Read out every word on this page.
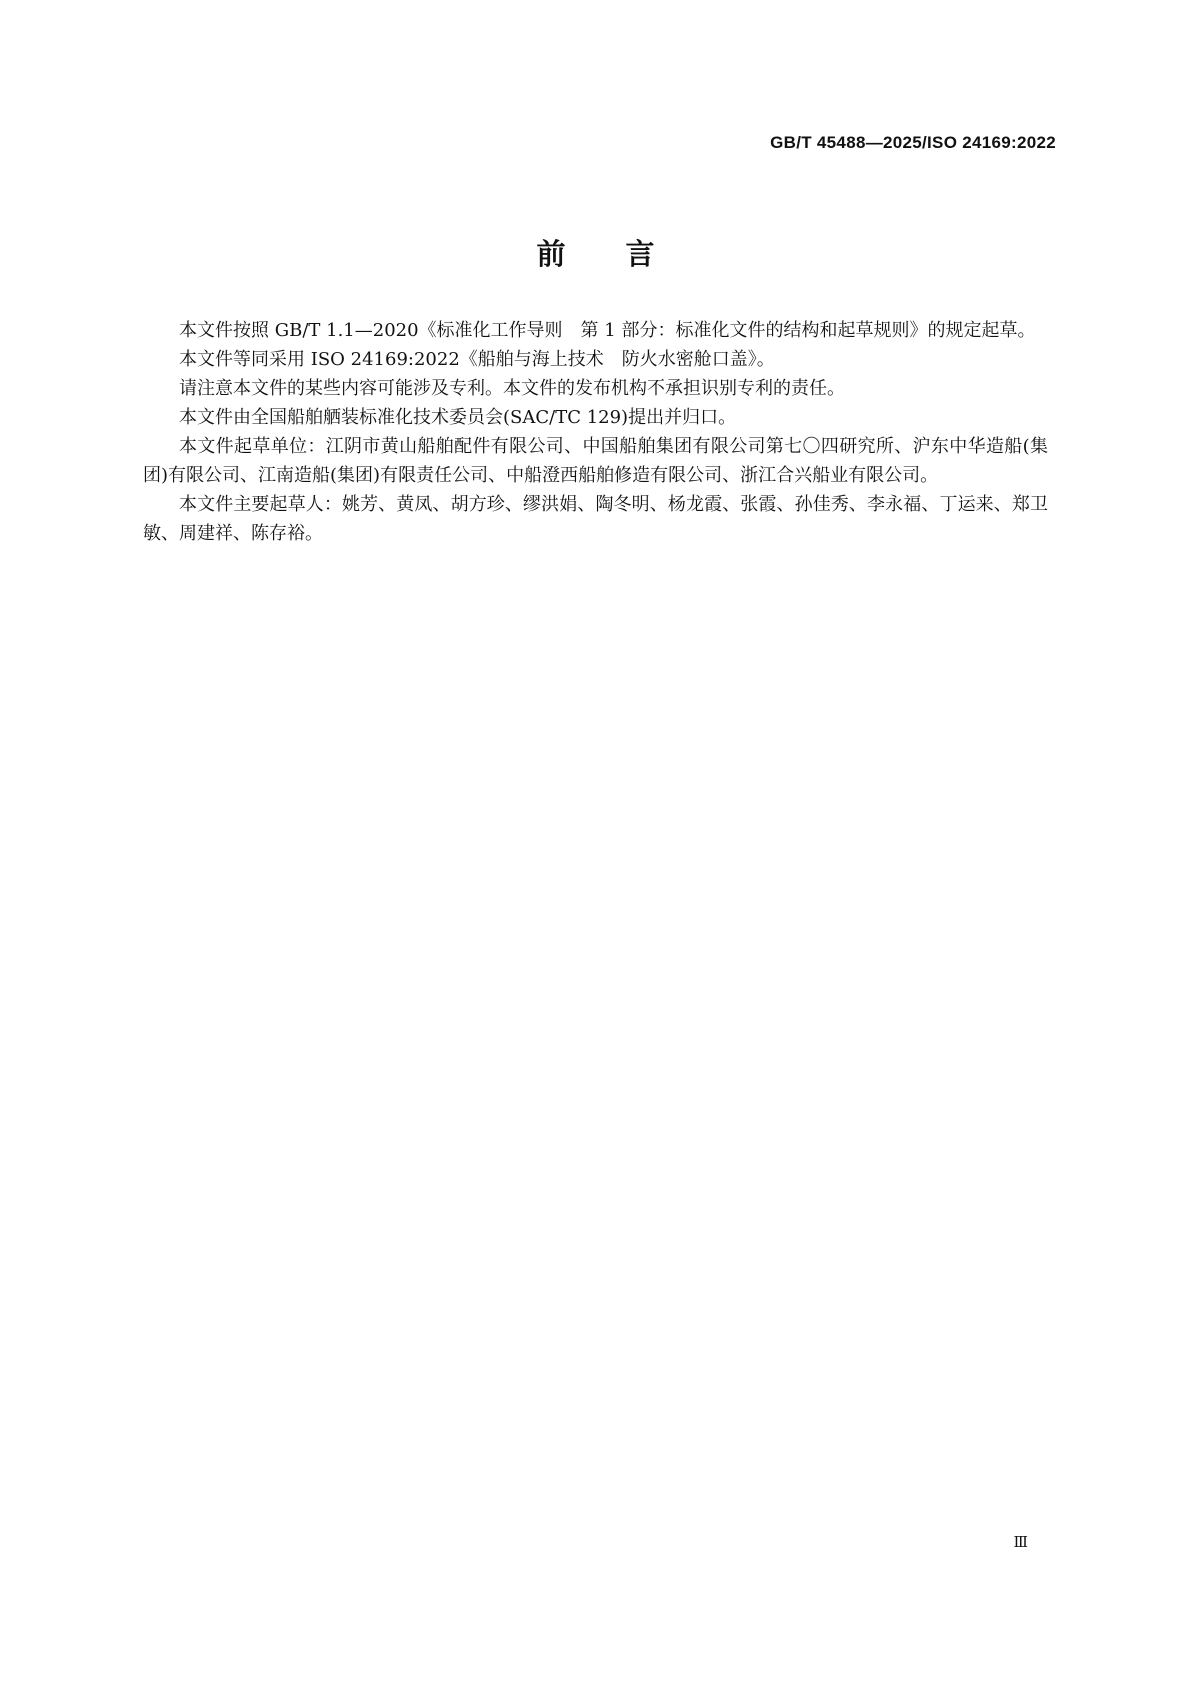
GB/T 45488—2025/ISO 24169:2022
前言

本文件按照 GB/T 1.1—2020《标准化工作导则　第 1 部分：标准化文件的结构和起草规则》的规定起草。

本文件等同采用 ISO 24169:2022《船舶与海上技术　防火水密舱口盖》。

请注意本文件的某些内容可能涉及专利。本文件的发布机构不承担识别专利的责任。

本文件由全国船舶舾装标准化技术委员会(SAC/TC 129)提出并归口。

本文件起草单位：江阴市黄山船舶配件有限公司、中国船舶集团有限公司第七〇四研究所、沪东中华造船(集团)有限公司、江南造船(集团)有限责任公司、中船澄西船舶修造有限公司、浙江合兴船业有限公司。

本文件主要起草人：姚芳、黄凤、胡方珍、缪洪娟、陶冬明、杨龙霞、张霞、孙佳秀、李永福、丁运来、郑卫敏、周建祥、陈存裕。

Ⅲ
